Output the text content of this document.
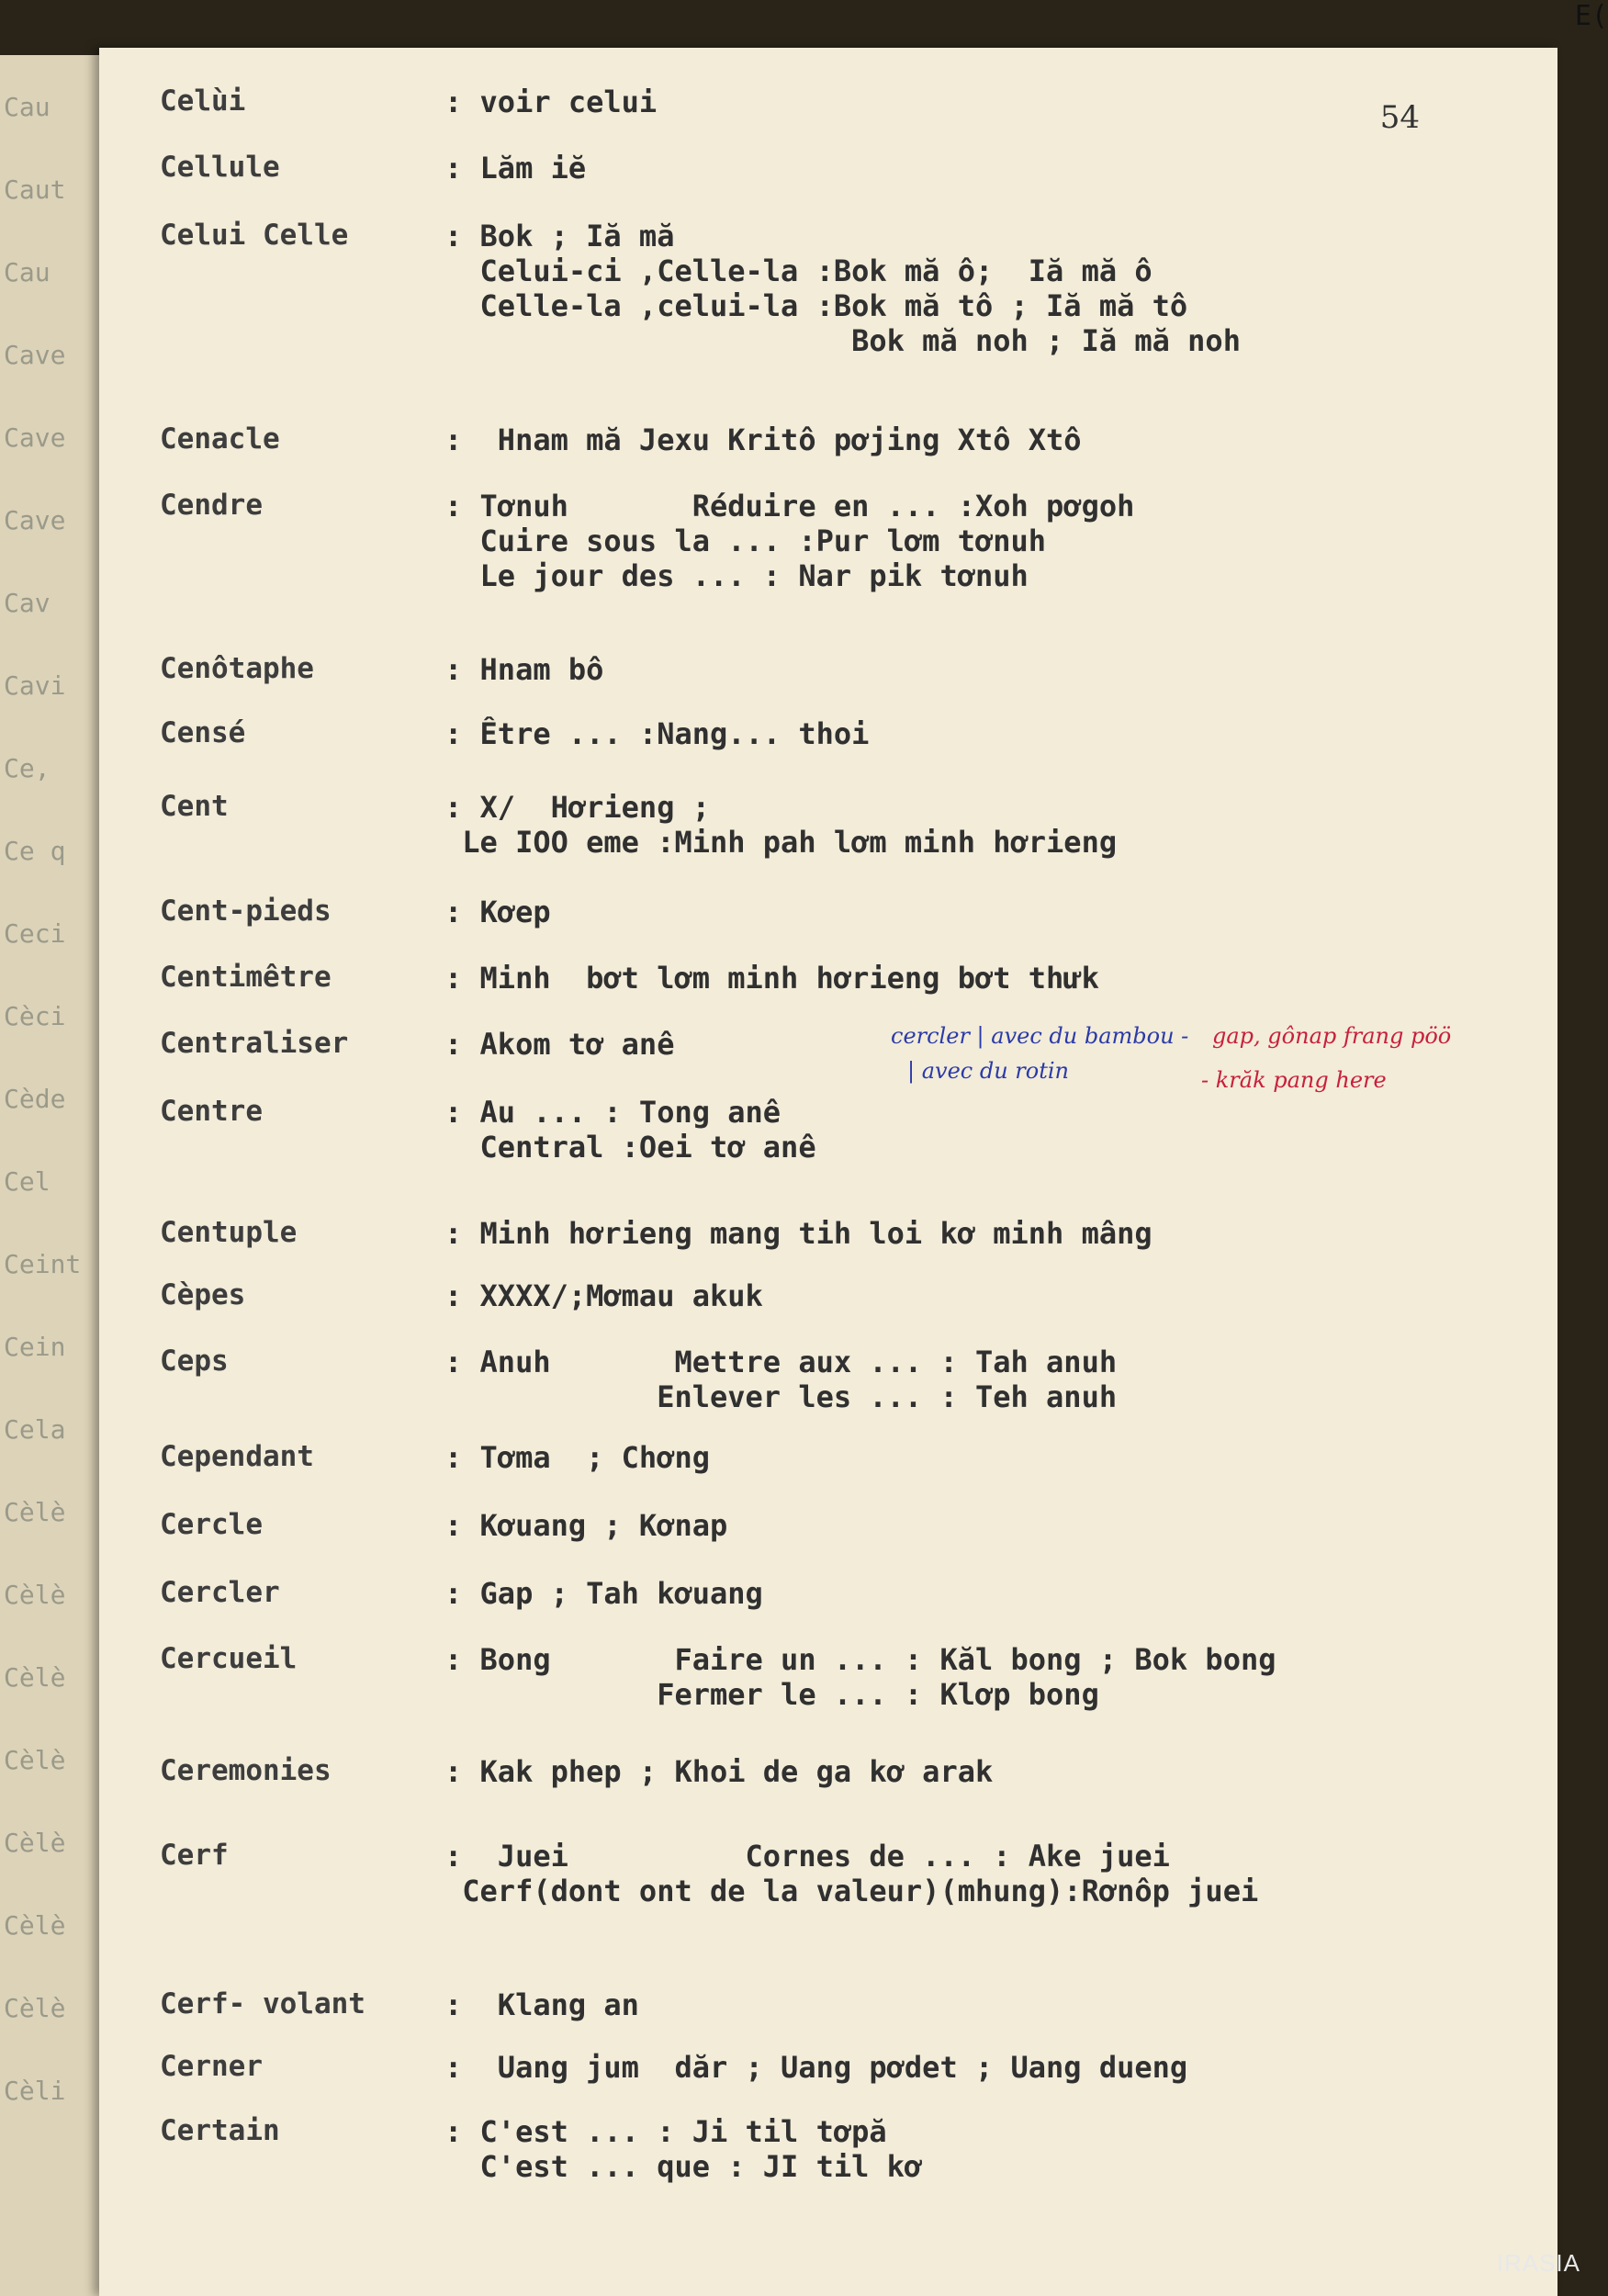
E(
Cau
Caut
Cau
Cave
Cave
Cave
Cav
Cavi
Ce,
Ce q
Ceci
Cèci
Cède
Cel
Ceint
Cein
Cela
Cèlè
Cèlè
Cèlè
Cèlè
Cèlè
Cèlè
Cèlè
Cèli
54
Celùi	: voir celui
Cellule	: Lăm iĕ
Celui Celle	: Bok ; Iă mă
Celui-ci ,Celle-la :Bok mă ô;  Iă mă ô
Celle-la ,celui-la :Bok mă tô ; Iă mă tô
Bok mă noh ; Iă mă noh
Cenacle	:  Hnam mă Jexu Kritô pơjing Xtô Xtô
Cendre	: Tơnuh       Réduire en ... :Xoh pơgoh
Cuire sous la ... :Pur lơm tơnuh
Le jour des ... : Nar pik tơnuh
Cenôtaphe	: Hnam bô
Censé	: Être ... :Nang... thoi
Cent	: X/  Hơrieng ;
Le IOO eme :Minh pah lơm minh hơrieng
Cent-pieds	: Kơep
Centimêtre	: Minh  bơt lơm minh hơrieng bơt thưk
Centraliser	: Akom tơ anê
Centre	: Au ... : Tong anê
Central :Oei tơ anê
Centuple	: Minh hơrieng mang tih loi kơ minh mâng
Cèpes	: XXXX/;Mơmau akuk
Ceps	: Anuh       Mettre aux ... : Tah anuh
Enlever les ... : Teh anuh
Cependant	: Tơma  ; Chơng
Cercle	: Kơuang ; Kơnap
Cercler	: Gap ; Tah kơuang
Cercueil	: Bong       Faire un ... : Kăl bong ; Bok bong
Fermer le ... : Klơp bong
Ceremonies	: Kak phep ; Khoi de ga kơ arak
Cerf	:  Juei          Cornes de ... : Ake juei
Cerf(dont ont de la valeur)(mhung):Rơnôp juei
Cerf- volant	:  Klang an
Cerner	:  Uang jum  dăr ; Uang pơdet ; Uang dueng
Certain	: C'est ... : Ji til tơpă
C'est ... que : JI til kơ
cercler | avec du bambou - gap, gônap frang pöö
| avec du rotin	- krăk pang here
IRASIA
